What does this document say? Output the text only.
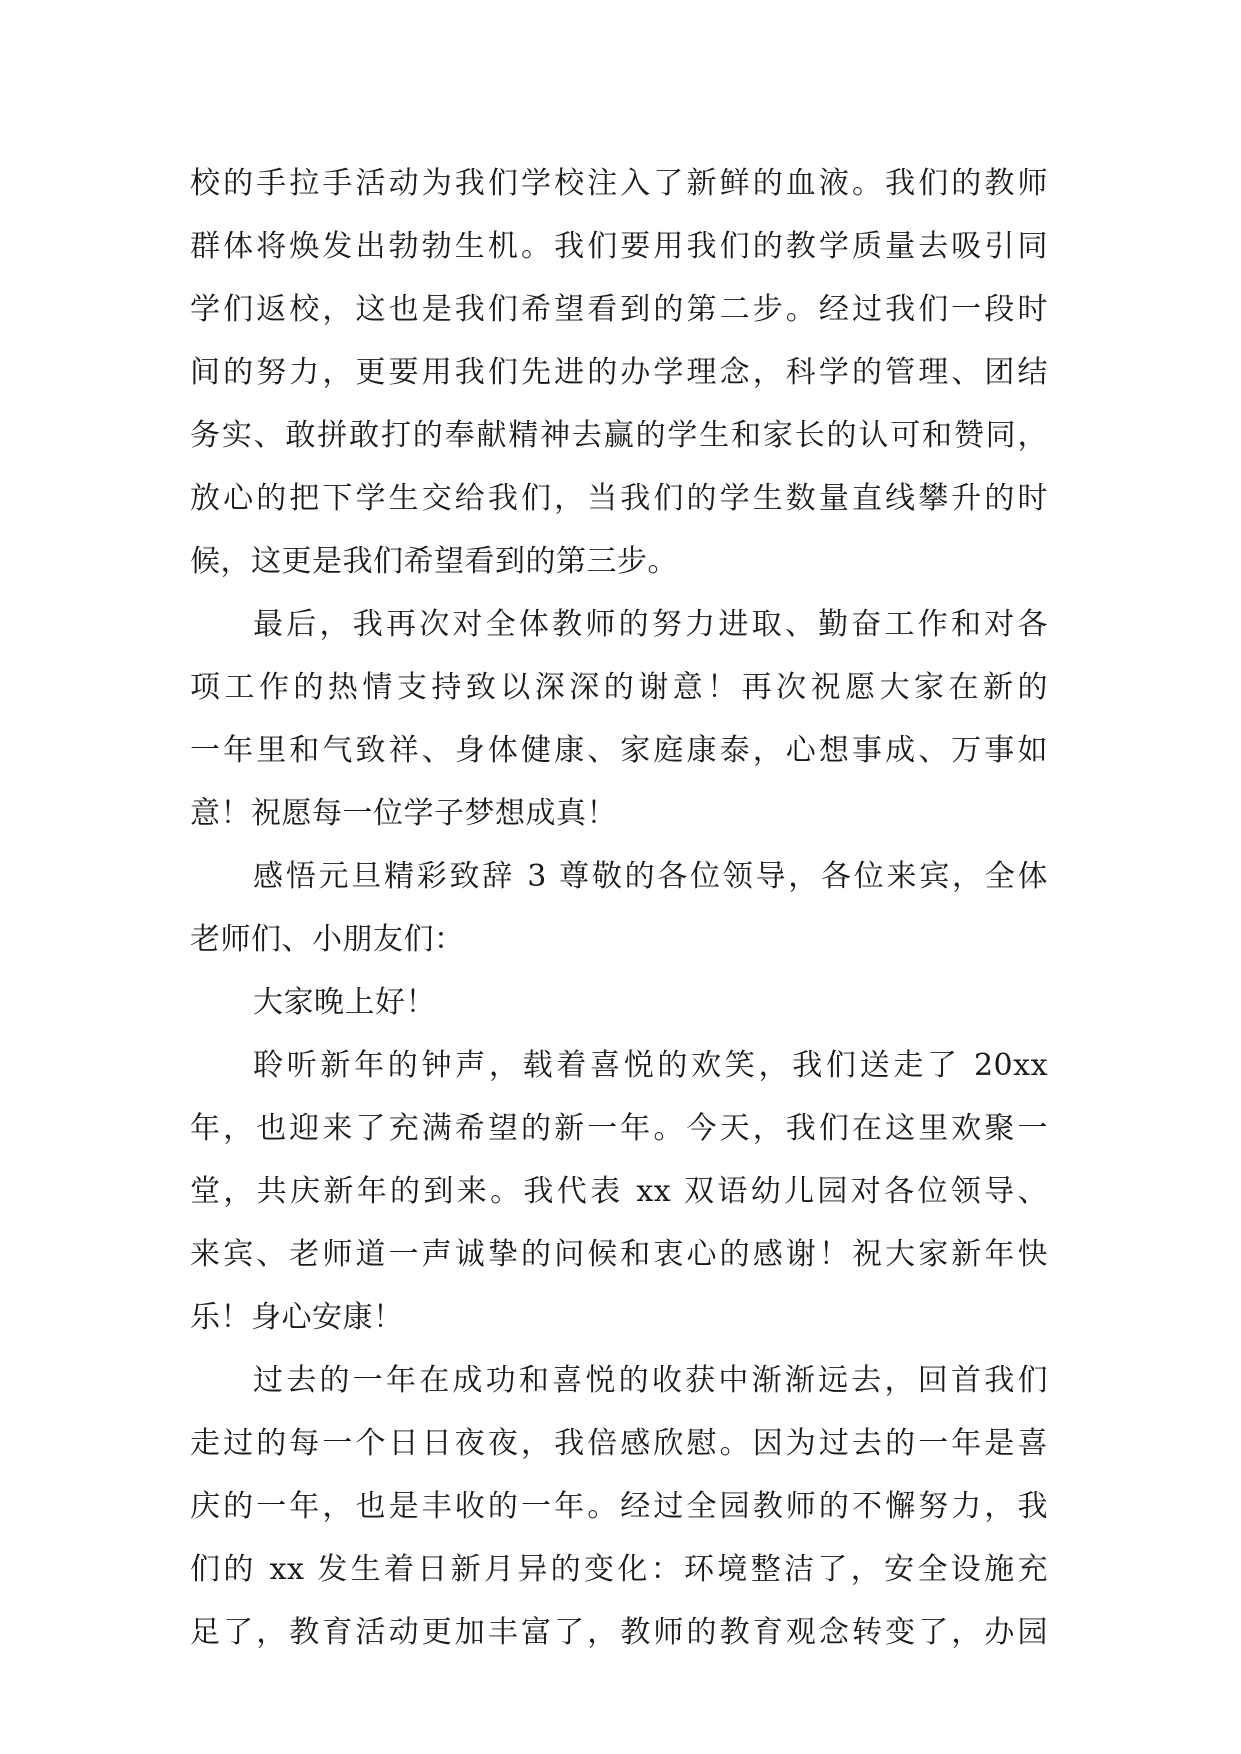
校的手拉手活动为我们学校注入了新鲜的血液。我们的教师
群体将焕发出勃勃生机。我们要用我们的教学质量去吸引同
学们返校，这也是我们希望看到的第二步。经过我们一段时
间的努力，更要用我们先进的办学理念，科学的管理、团结
务实、敢拼敢打的奉献精神去赢的学生和家长的认可和赞同，
放心的把下学生交给我们，当我们的学生数量直线攀升的时
候，这更是我们希望看到的第三步。
最后，我再次对全体教师的努力进取、勤奋工作和对各
项工作的热情支持致以深深的谢意！再次祝愿大家在新的
一年里和气致祥、身体健康、家庭康泰，心想事成、万事如
意！祝愿每一位学子梦想成真！
感悟元旦精彩致辞 3 尊敬的各位领导，各位来宾，全体
老师们、小朋友们：
大家晚上好！
聆听新年的钟声，载着喜悦的欢笑，我们送走了 20xx
年，也迎来了充满希望的新一年。今天，我们在这里欢聚一
堂，共庆新年的到来。我代表 xx 双语幼儿园对各位领导、
来宾、老师道一声诚挚的问候和衷心的感谢！祝大家新年快
乐！身心安康！
过去的一年在成功和喜悦的收获中渐渐远去，回首我们
走过的每一个日日夜夜，我倍感欣慰。因为过去的一年是喜
庆的一年，也是丰收的一年。经过全园教师的不懈努力，我
们的 xx 发生着日新月异的变化：环境整洁了，安全设施充
足了，教育活动更加丰富了，教师的教育观念转变了，办园
